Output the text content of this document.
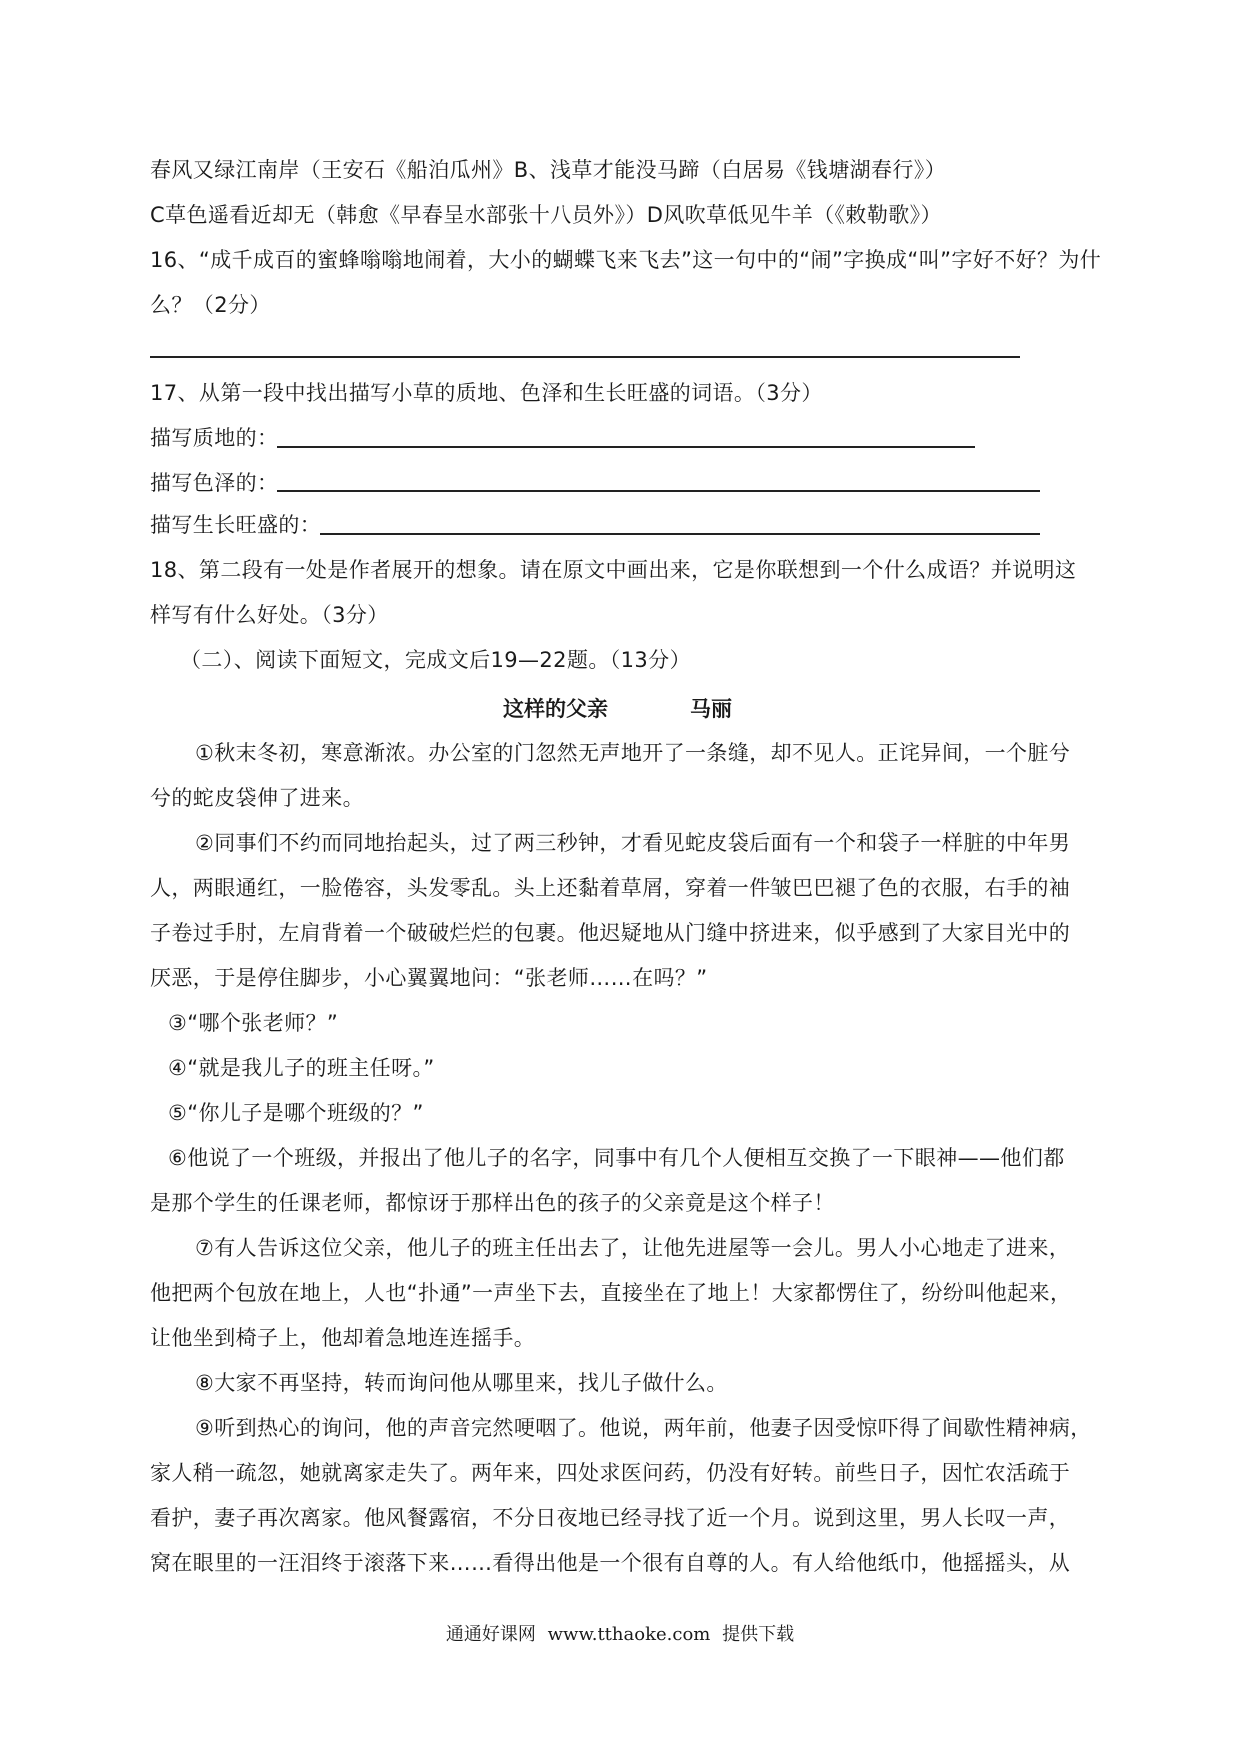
春风又绿江南岸（王安石《船泊瓜州》B、浅草才能没马蹄（白居易《钱塘湖春行》）
C草色遥看近却无（韩愈《早春呈水部张十八员外》）D风吹草低见牛羊（《敕勒歌》）
16、“成千成百的蜜蜂嗡嗡地闹着，大小的蝴蝶飞来飞去”这一句中的“闹”字换成“叫”字好不好？为什
么？（2分）
17、从第一段中找出描写小草的质地、色泽和生长旺盛的词语。（3分）
描写质地的：
描写色泽的：
描写生长旺盛的：
18、第二段有一处是作者展开的想象。请在原文中画出来，它是你联想到一个什么成语？并说明这
样写有什么好处。（3分）
（二）、阅读下面短文，完成文后19—22题。（13分）
这样的父亲	马丽
①秋末冬初，寒意渐浓。办公室的门忽然无声地开了一条缝，却不见人。正诧异间，一个脏兮
兮的蛇皮袋伸了进来。
②同事们不约而同地抬起头，过了两三秒钟，才看见蛇皮袋后面有一个和袋子一样脏的中年男
人，两眼通红，一脸倦容，头发零乱。头上还黏着草屑，穿着一件皱巴巴褪了色的衣服，右手的袖
子卷过手肘，左肩背着一个破破烂烂的包裹。他迟疑地从门缝中挤进来，似乎感到了大家目光中的
厌恶，于是停住脚步，小心翼翼地问：“张老师……在吗？”
③“哪个张老师？”
④“就是我儿子的班主任呀。”
⑤“你儿子是哪个班级的？”
⑥他说了一个班级，并报出了他儿子的名字，同事中有几个人便相互交换了一下眼神——他们都
是那个学生的任课老师，都惊讶于那样出色的孩子的父亲竟是这个样子！
⑦有人告诉这位父亲，他儿子的班主任出去了，让他先进屋等一会儿。男人小心地走了进来，
他把两个包放在地上，人也“扑通”一声坐下去，直接坐在了地上！大家都愣住了，纷纷叫他起来，
让他坐到椅子上，他却着急地连连摇手。
⑧大家不再坚持，转而询问他从哪里来，找儿子做什么。
⑨听到热心的询问，他的声音完然哽咽了。他说，两年前，他妻子因受惊吓得了间歇性精神病，
家人稍一疏忽，她就离家走失了。两年来，四处求医问药，仍没有好转。前些日子，因忙农活疏于
看护，妻子再次离家。他风餐露宿，不分日夜地已经寻找了近一个月。说到这里，男人长叹一声，
窝在眼里的一汪泪终于滚落下来……看得出他是一个很有自尊的人。有人给他纸巾，他摇摇头，从
通通好课网 www.tthaoke.com 提供下载
